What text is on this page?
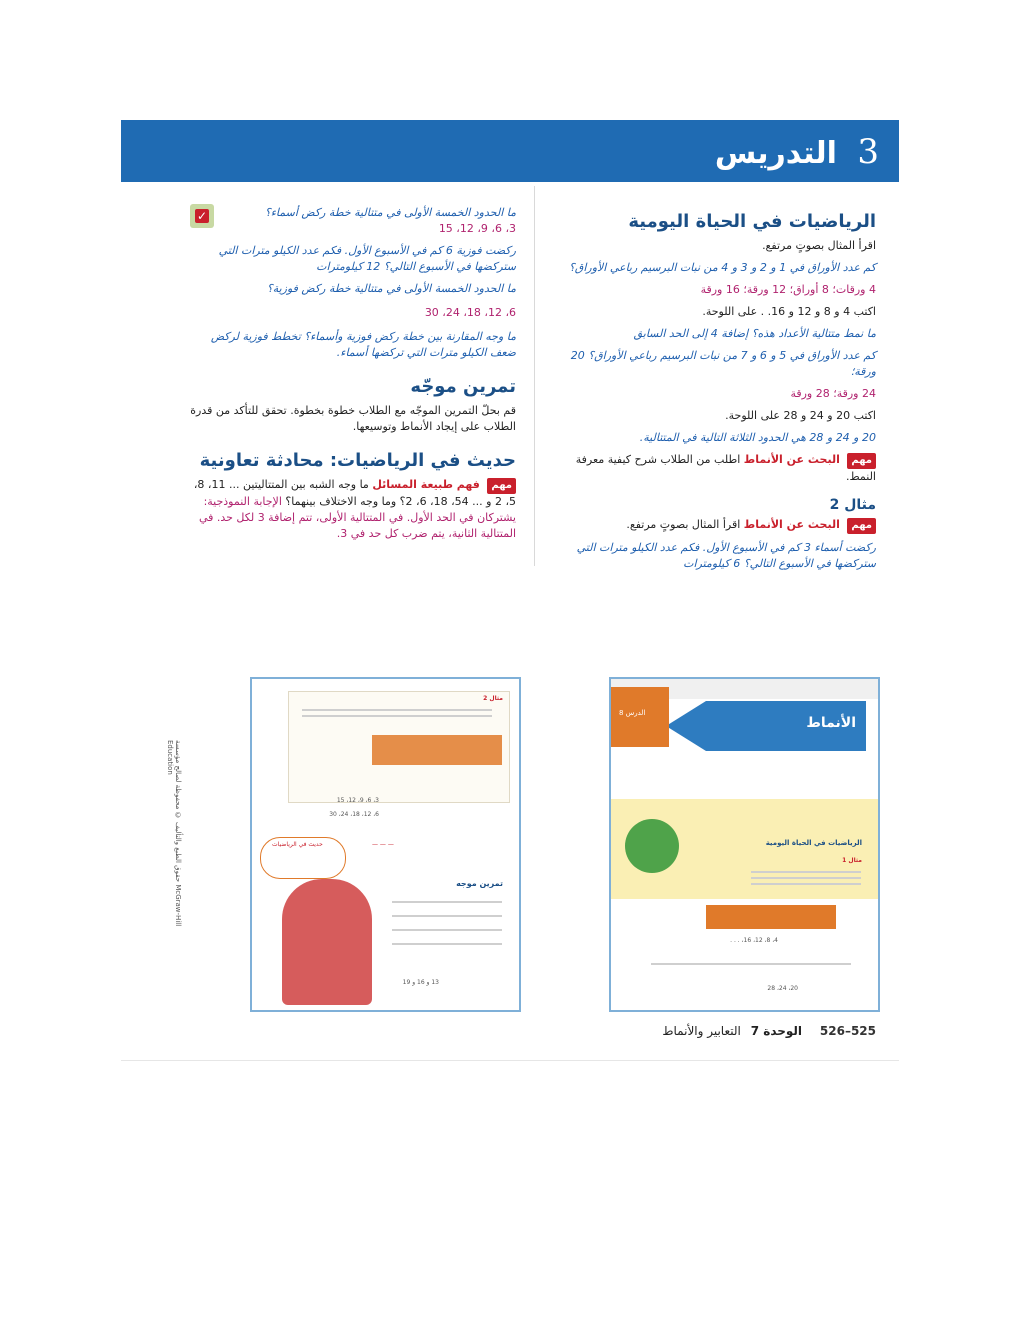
3 التدريس
الرياضيات في الحياة اليومية
اقرأ المثال بصوتٍ مرتفع.
كم عدد الأوراق في 1 و 2 و 3 و 4 من نبات البرسيم رباعي الأوراق؟
4 ورقات؛ 8 أوراق؛ 12 ورقة؛ 16 ورقة
اكتب 4 و 8 و 12 و 16. . على اللوحة.
ما نمط متتالية الأعداد هذه؟ إضافة 4 إلى الحد السابق
كم عدد الأوراق في 5 و 6 و 7 من نبات البرسيم رباعي الأوراق؟ 20 ورقة؛
24 ورقة؛ 28 ورقة
اكتب 20 و 24 و 28 على اللوحة.
20 و 24 و 28 هي الحدود الثلاثة التالية في المتتالية.
مهم البحث عن الأنماط اطلب من الطلاب شرح كيفية معرفة النمط.
مثال 2
مهم البحث عن الأنماط اقرأ المثال بصوتٍ مرتفع.
ركضت أسماء 3 كم في الأسبوع الأول. فكم عدد الكيلو مترات التي ستركضها في الأسبوع التالي؟ 6 كيلومترات
✓	ما الحدود الخمسة الأولى في متتالية خطة ركض أسماء؟
3، 6، 9، 12، 15
ركضت فوزية 6 كم في الأسبوع الأول. فكم عدد الكيلو مترات التي ستركضها في الأسبوع التالي؟ 12 كيلومترات
ما الحدود الخمسة الأولى في متتالية خطة ركض فوزية؟
6، 12، 18، 24، 30
ما وجه المقارنة بين خطة ركض فوزية وأسماء؟ تخطط فوزية لركض ضعف الكيلو مترات التي تركضها أسماء.
تمرين موجّه
قم بحلّ التمرين الموجّه مع الطلاب خطوة بخطوة. تحقق للتأكد من قدرة الطلاب على إيجاد الأنماط وتوسيعها.
حديث في الرياضيات: محادثة تعاونية
مهم فهم طبيعة المسائل ما وجه الشبه بين المتتاليتين ... 11، 8، 5، 2 و ... 54، 18، 6، 2؟ وما وجه الاختلاف بينهما؟ الإجابة النموذجية: يشتركان في الحد الأول. في المتتالية الأولى، تتم إضافة 3 لكل حد. في المتتالية الثانية، يتم ضرب كل حد في 3.
الأنماط
الدرس 8
الرياضيات في الحياة اليومية
مثال 1
4، 8، 12، 16، . . .
20، 24، 28
مثال 2
3، 6، 9، 12، 15
6، 12، 18، 24، 30
— — —
حديث في الرياضيات
تمرين موجه
13 و 16 و 19
حقوق الطبع والتأليف © محفوظة لصالح مؤسسة McGraw-Hill Education
525–526 الوحدة 7 التعابير والأنماط
